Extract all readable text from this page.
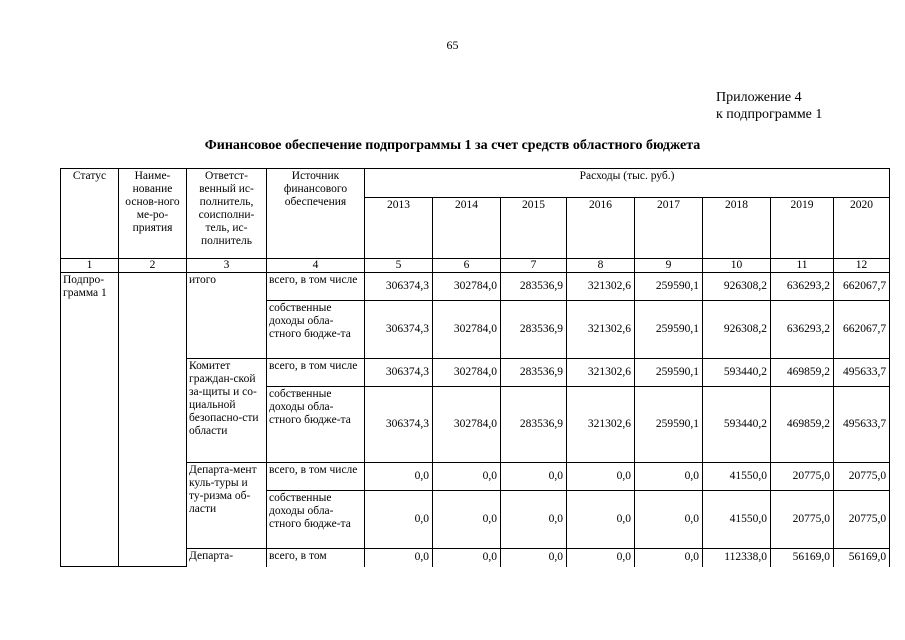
65
Приложение 4
к подпрограмме 1
Финансовое обеспечение подпрограммы 1 за счет средств областного бюджета
Статус	Наиме-нование основ-ного ме-ро-приятия	Ответст-венный ис-полнитель, соисполни-тель, ис-полнитель	Источник финансового обеспечения	Расходы (тыс. руб.)							
				2013	2014	2015	2016	2017	2018	2019	2020
1	2	3	4	5	6	7	8	9	10	11	12
Подпро-грамма 1		итого	всего, в том числе	306374,3	302784,0	283536,9	321302,6	259590,1	926308,2	636293,2	662067,7
			собственные доходы обла-стного бюдже-та	306374,3	302784,0	283536,9	321302,6	259590,1	926308,2	636293,2	662067,7
		Комитет граждан-ской за-щиты и со-циальной безопасно-сти области	всего, в том числе	306374,3	302784,0	283536,9	321302,6	259590,1	593440,2	469859,2	495633,7
			собственные доходы обла-стного бюдже-та	306374,3	302784,0	283536,9	321302,6	259590,1	593440,2	469859,2	495633,7
		Департа-мент куль-туры и ту-ризма об-ласти	всего, в том числе	0,0	0,0	0,0	0,0	0,0	41550,0	20775,0	20775,0
			собственные доходы обла-стного бюдже-та	0,0	0,0	0,0	0,0	0,0	41550,0	20775,0	20775,0
		Департа-	всего, в том	0,0	0,0	0,0	0,0	0,0	112338,0	56169,0	56169,0
